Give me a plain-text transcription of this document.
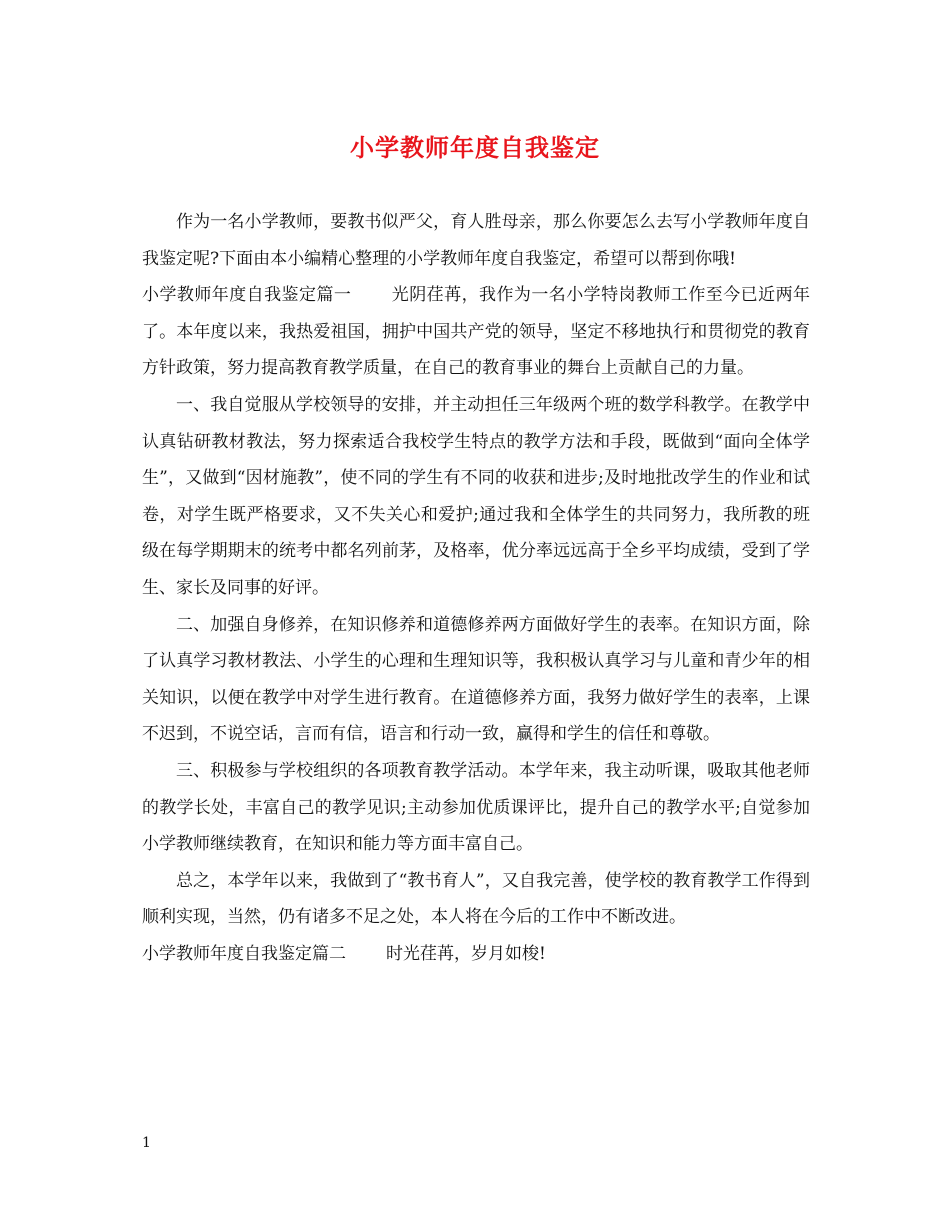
小学教师年度自我鉴定

作为一名小学教师，要教书似严父，育人胜母亲，那么你要怎么去写小学教师年度自我鉴定呢?下面由本小编精心整理的小学教师年度自我鉴定，希望可以帮到你哦!

小学教师年度自我鉴定篇一 光阴荏苒，我作为一名小学特岗教师工作至今已近两年了。本年度以来，我热爱祖国，拥护中国共产党的领导，坚定不移地执行和贯彻党的教育方针政策，努力提高教育教学质量，在自己的教育事业的舞台上贡献自己的力量。

一、我自觉服从学校领导的安排，并主动担任三年级两个班的数学科教学。在教学中认真钻研教材教法，努力探索适合我校学生特点的教学方法和手段，既做到“面向全体学生”，又做到“因材施教”，使不同的学生有不同的收获和进步;及时地批改学生的作业和试卷，对学生既严格要求，又不失关心和爱护;通过我和全体学生的共同努力，我所教的班级在每学期期末的统考中都名列前茅，及格率，优分率远远高于全乡平均成绩，受到了学生、家长及同事的好评。

二、加强自身修养，在知识修养和道德修养两方面做好学生的表率。在知识方面，除了认真学习教材教法、小学生的心理和生理知识等，我积极认真学习与儿童和青少年的相关知识，以便在教学中对学生进行教育。在道德修养方面，我努力做好学生的表率，上课不迟到，不说空话，言而有信，语言和行动一致，赢得和学生的信任和尊敬。

三、积极参与学校组织的各项教育教学活动。本学年来，我主动听课，吸取其他老师的教学长处，丰富自己的教学见识;主动参加优质课评比，提升自己的教学水平;自觉参加小学教师继续教育，在知识和能力等方面丰富自己。

总之，本学年以来，我做到了“教书育人”，又自我完善，使学校的教育教学工作得到顺利实现，当然，仍有诸多不足之处，本人将在今后的工作中不断改进。

小学教师年度自我鉴定篇二 时光荏苒，岁月如梭!

1
